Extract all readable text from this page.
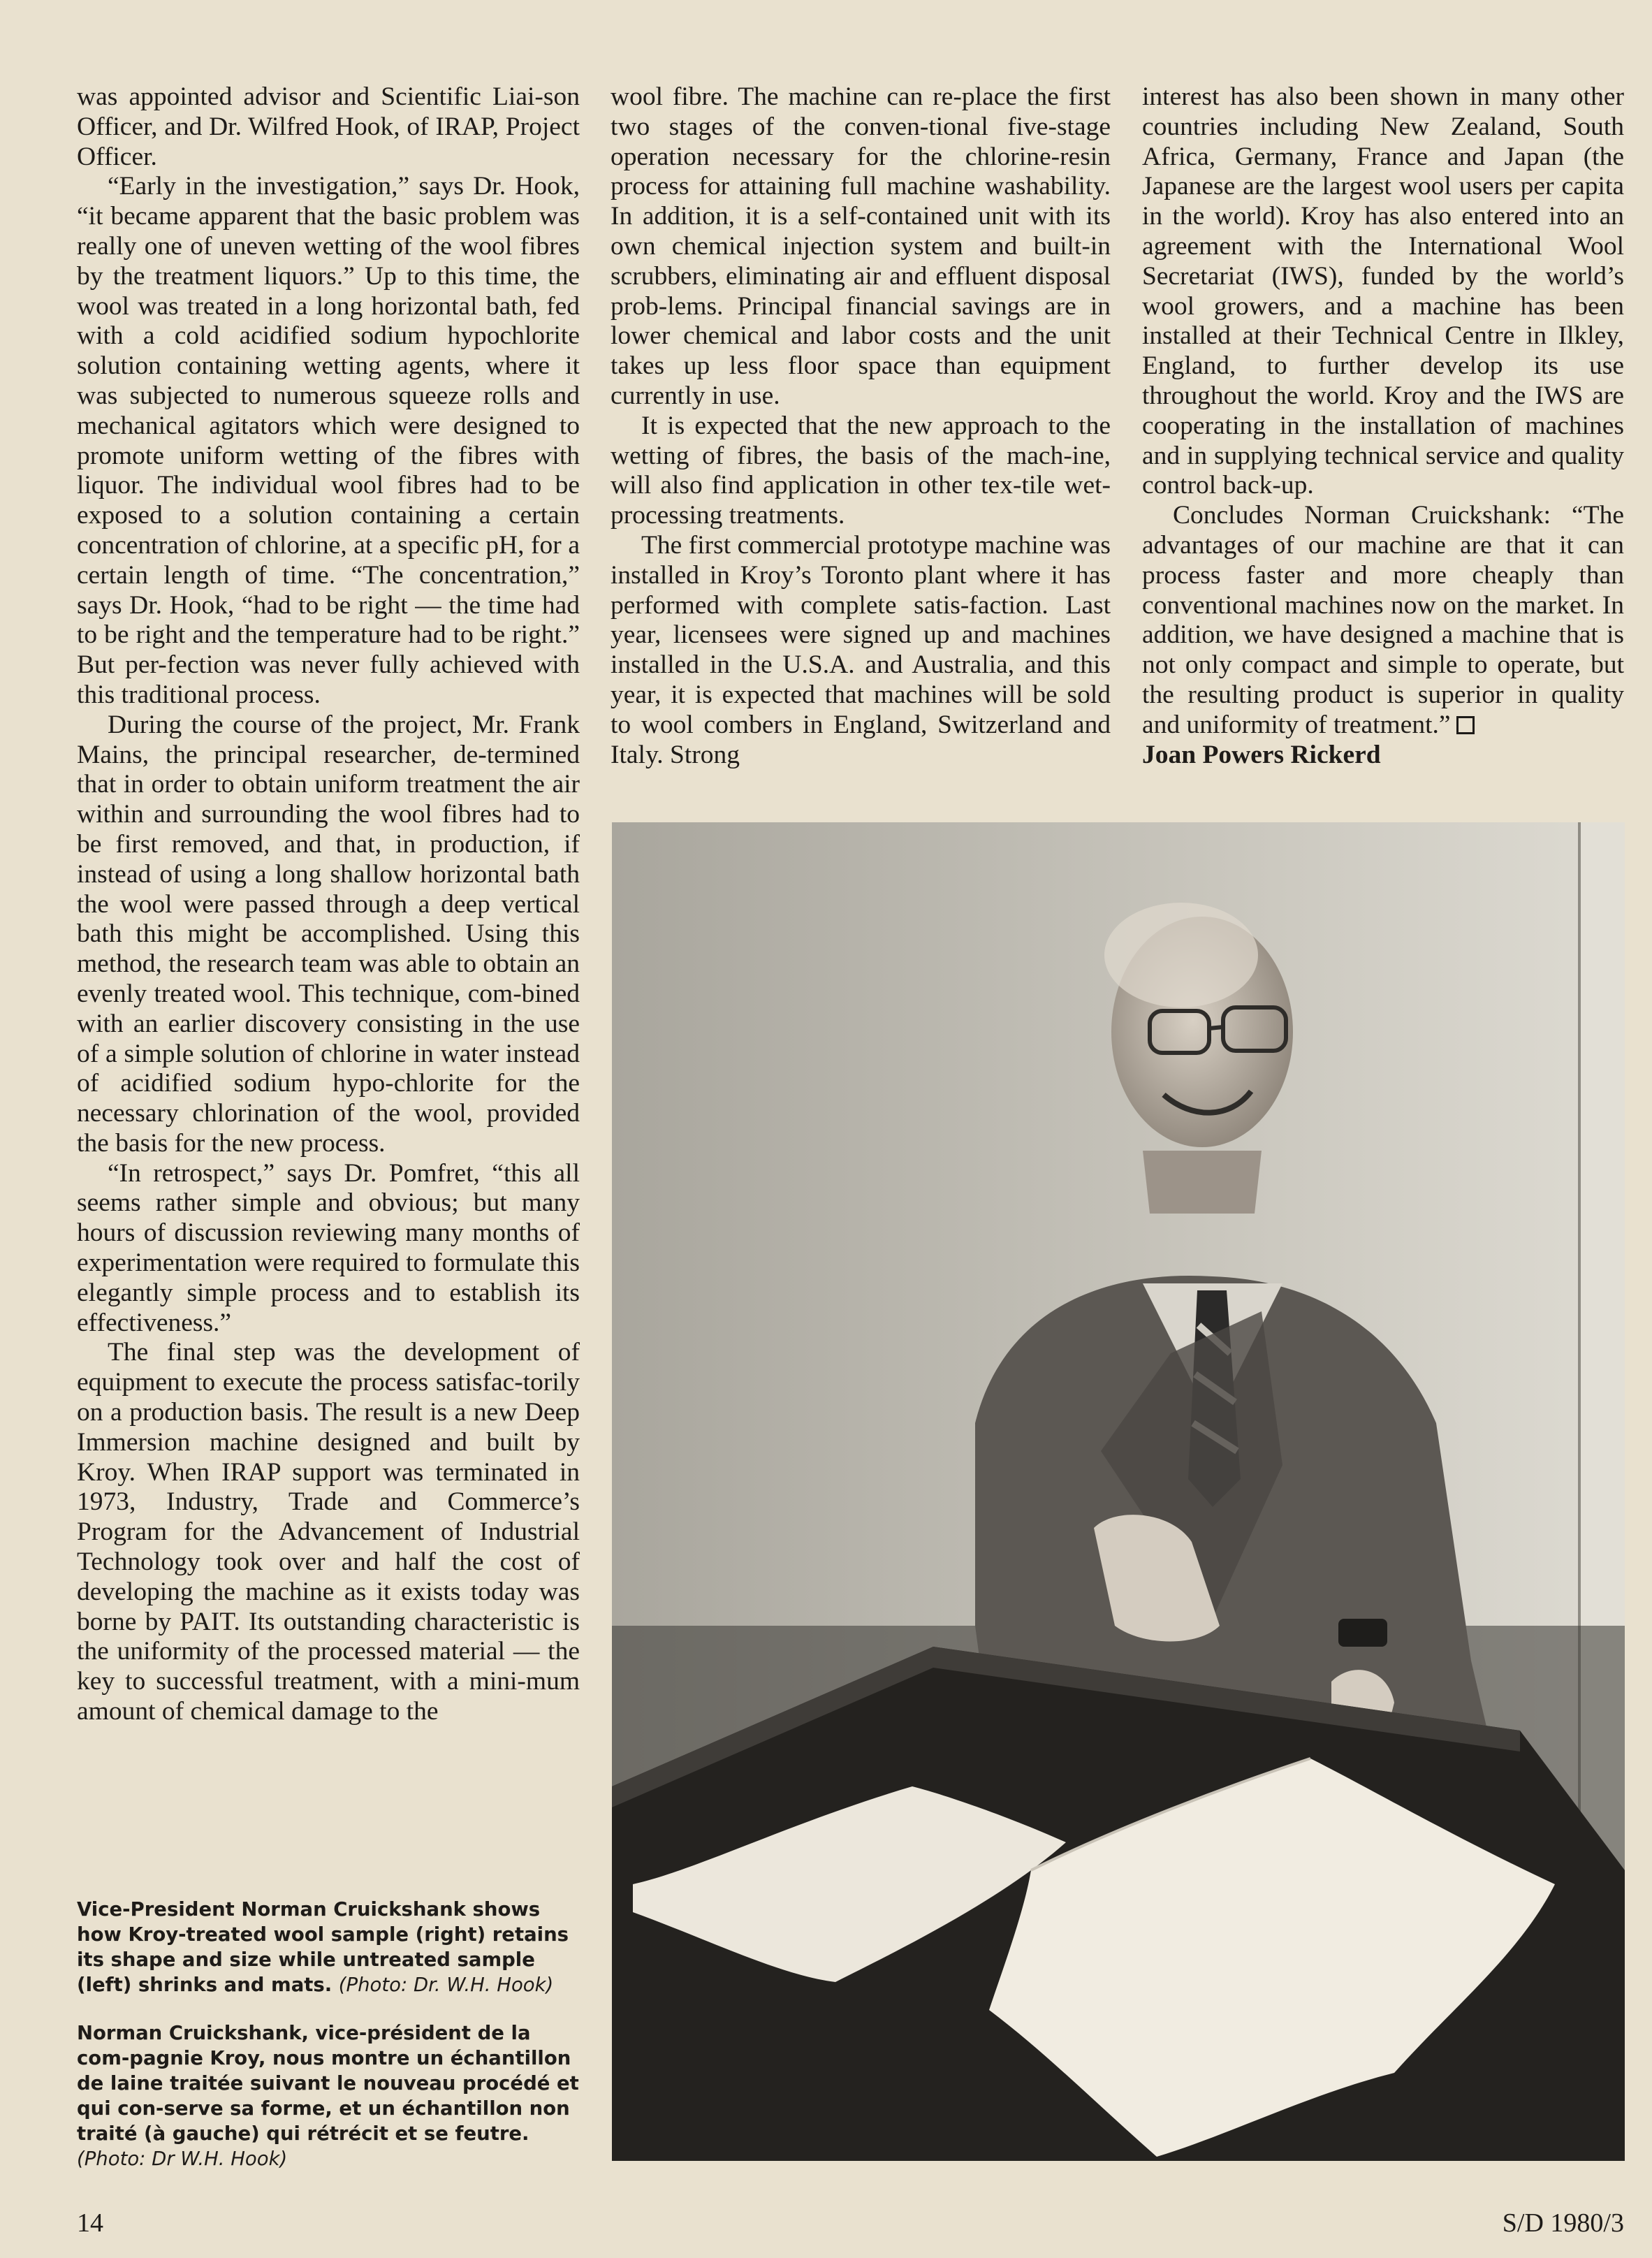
was appointed advisor and Scientific Liai-son Officer, and Dr. Wilfred Hook, of IRAP, Project Officer.

“Early in the investigation,” says Dr. Hook, “it became apparent that the basic problem was really one of uneven wetting of the wool fibres by the treatment liquors.” Up to this time, the wool was treated in a long horizontal bath, fed with a cold acidified sodium hypochlorite solution containing wetting agents, where it was subjected to numerous squeeze rolls and mechanical agitators which were designed to promote uniform wetting of the fibres with liquor. The individual wool fibres had to be exposed to a solution containing a certain concentration of chlorine, at a specific pH, for a certain length of time. “The concentration,” says Dr. Hook, “had to be right — the time had to be right and the temperature had to be right.” But per-fection was never fully achieved with this traditional process.

During the course of the project, Mr. Frank Mains, the principal researcher, de-termined that in order to obtain uniform treatment the air within and surrounding the wool fibres had to be first removed, and that, in production, if instead of using a long shallow horizontal bath the wool were passed through a deep vertical bath this might be accomplished. Using this method, the research team was able to obtain an evenly treated wool. This technique, com-bined with an earlier discovery consisting in the use of a simple solution of chlorine in water instead of acidified sodium hypo-chlorite for the necessary chlorination of the wool, provided the basis for the new process.

“In retrospect,” says Dr. Pomfret, “this all seems rather simple and obvious; but many hours of discussion reviewing many months of experimentation were required to formulate this elegantly simple process and to establish its effectiveness.”

The final step was the development of equipment to execute the process satisfac-torily on a production basis. The result is a new Deep Immersion machine designed and built by Kroy. When IRAP support was terminated in 1973, Industry, Trade and Commerce’s Program for the Advancement of Industrial Technology took over and half the cost of developing the machine as it exists today was borne by PAIT. Its outstanding characteristic is the uniformity of the processed material — the key to successful treatment, with a mini-mum amount of chemical damage to the

wool fibre. The machine can re-place the first two stages of the conven-tional five-stage operation necessary for the chlorine-resin process for attaining full machine washability. In addition, it is a self-contained unit with its own chemical injection system and built-in scrubbers, eliminating air and effluent disposal prob-lems. Principal financial savings are in lower chemical and labor costs and the unit takes up less floor space than equipment currently in use.

It is expected that the new approach to the wetting of fibres, the basis of the mach-ine, will also find application in other tex-tile wet-processing treatments.

The first commercial prototype machine was installed in Kroy’s Toronto plant where it has performed with complete satis-faction. Last year, licensees were signed up and machines installed in the U.S.A. and Australia, and this year, it is expected that machines will be sold to wool combers in England, Switzerland and Italy. Strong

interest has also been shown in many other countries including New Zealand, South Africa, Germany, France and Japan (the Japanese are the largest wool users per capita in the world). Kroy has also entered into an agreement with the International Wool Secretariat (IWS), funded by the world’s wool growers, and a machine has been installed at their Technical Centre in Ilkley, England, to further develop its use throughout the world. Kroy and the IWS are cooperating in the installation of machines and in supplying technical service and quality control back-up.

Concludes Norman Cruickshank: “The advantages of our machine are that it can process faster and more cheaply than conventional machines now on the market. In addition, we have designed a machine that is not only compact and simple to operate, but the resulting product is superior in quality and uniformity of treatment.”

Joan Powers Rickerd

Vice-President Norman Cruickshank shows how Kroy-treated wool sample (right) retains its shape and size while untreated sample (left) shrinks and mats. (Photo: Dr. W.H. Hook)
Norman Cruickshank, vice-président de la com-pagnie Kroy, nous montre un échantillon de laine traitée suivant le nouveau procédé et qui con-serve sa forme, et un échantillon non traité (à gauche) qui rétrécit et se feutre. (Photo: Dr W.H. Hook)
14	S/D 1980/3
